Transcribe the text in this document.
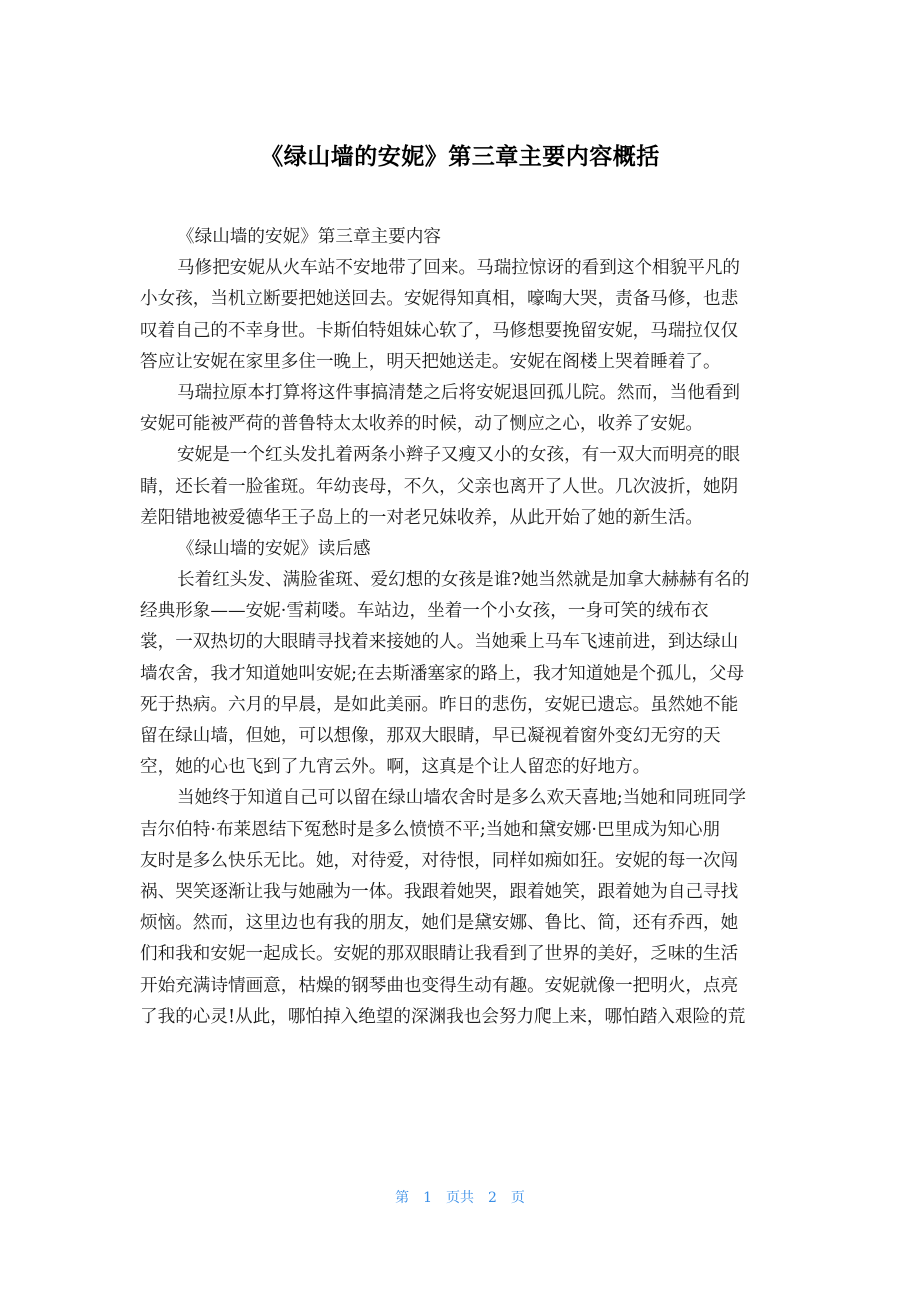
《绿山墙的安妮》第三章主要内容概括
《绿山墙的安妮》第三章主要内容
马修把安妮从火车站不安地带了回来。马瑞拉惊讶的看到这个相貌平凡的
小女孩，当机立断要把她送回去。安妮得知真相，嚎啕大哭，责备马修，也悲
叹着自己的不幸身世。卡斯伯特姐妹心软了，马修想要挽留安妮，马瑞拉仅仅
答应让安妮在家里多住一晚上，明天把她送走。安妮在阁楼上哭着睡着了。
马瑞拉原本打算将这件事搞清楚之后将安妮退回孤儿院。然而，当他看到
安妮可能被严荷的普鲁特太太收养的时候，动了恻应之心，收养了安妮。
安妮是一个红头发扎着两条小辫子又瘦又小的女孩，有一双大而明亮的眼
睛，还长着一脸雀斑。年幼丧母，不久，父亲也离开了人世。几次波折，她阴
差阳错地被爱德华王子岛上的一对老兄妹收养，从此开始了她的新生活。
《绿山墙的安妮》读后感
长着红头发、满脸雀斑、爱幻想的女孩是谁?她当然就是加拿大赫赫有名的
经典形象——安妮·雪莉喽。车站边，坐着一个小女孩，一身可笑的绒布衣
裳，一双热切的大眼睛寻找着来接她的人。当她乘上马车飞速前进，到达绿山
墙农舍，我才知道她叫安妮;在去斯潘塞家的路上，我才知道她是个孤儿，父母
死于热病。六月的早晨，是如此美丽。昨日的悲伤，安妮已遗忘。虽然她不能
留在绿山墙，但她，可以想像，那双大眼睛，早已凝视着窗外变幻无穷的天
空，她的心也飞到了九宵云外。啊，这真是个让人留恋的好地方。
当她终于知道自己可以留在绿山墙农舍时是多么欢天喜地;当她和同班同学
吉尔伯特·布莱恩结下冤愁时是多么愤愤不平;当她和黛安娜·巴里成为知心朋
友时是多么快乐无比。她，对待爱，对待恨，同样如痴如狂。安妮的每一次闯
祸、哭笑逐渐让我与她融为一体。我跟着她哭，跟着她笑，跟着她为自己寻找
烦恼。然而，这里边也有我的朋友，她们是黛安娜、鲁比、简，还有乔西，她
们和我和安妮一起成长。安妮的那双眼睛让我看到了世界的美好，乏味的生活
开始充满诗情画意，枯燥的钢琴曲也变得生动有趣。安妮就像一把明火，点亮
了我的心灵!从此，哪怕掉入绝望的深渊我也会努力爬上来，哪怕踏入艰险的荒
第 1 页共 2 页
